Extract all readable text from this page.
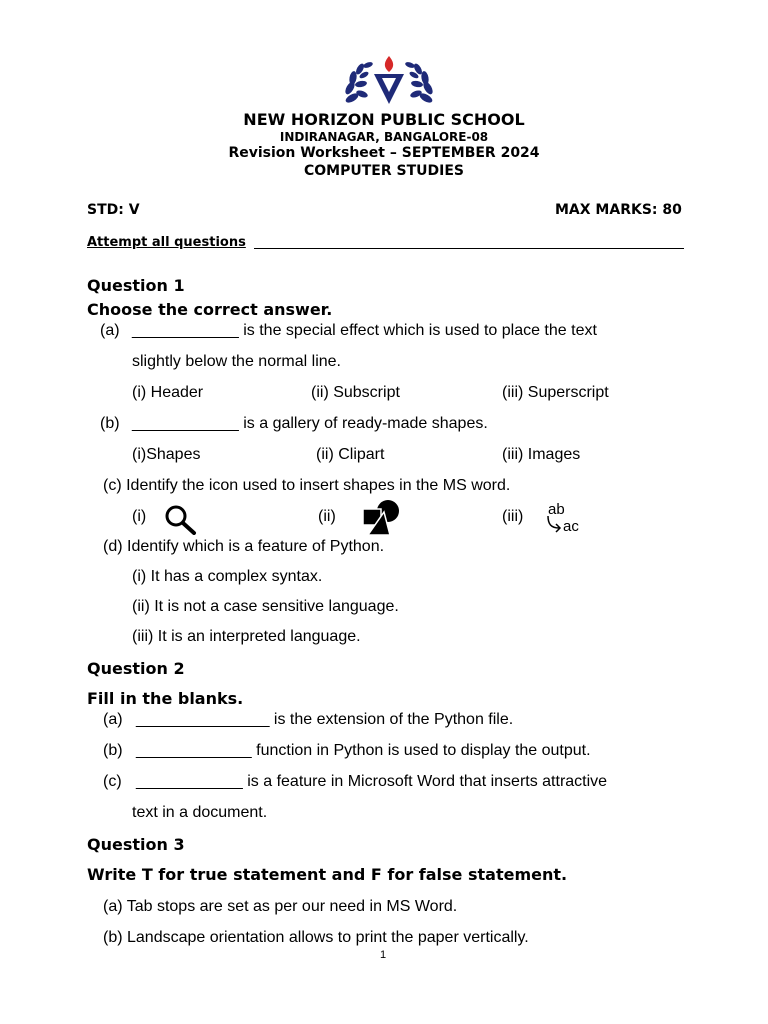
NEW HORIZON PUBLIC SCHOOL
INDIRANAGAR, BANGALORE-08
Revision Worksheet – SEPTEMBER 2024
COMPUTER STUDIES
STD: V	MAX MARKS: 80
Attempt all questions
Question 1
Choose the correct answer.
(a) ____________ is the special effect which is used to place the text
slightly below the normal line.
(i) Header	(ii) Subscript	(iii) Superscript
(b) ____________ is a gallery of ready-made shapes.
(i)Shapes	(ii) Clipart	(iii) Images
(c) Identify the icon used to insert shapes in the MS word.
(i)	(ii)	(iii) ab
ac
(d) Identify which is a feature of Python.
(i) It has a complex syntax.
(ii) It is not a case sensitive language.
(iii) It is an interpreted language.
Question 2
Fill in the blanks.
(a) _______________ is the extension of the Python file.
(b) _____________ function in Python is used to display the output.
(c) ____________ is a feature in Microsoft Word that inserts attractive
text in a document.
Question 3
Write T for true statement and F for false statement.
(a) Tab stops are set as per our need in MS Word.
(b) Landscape orientation allows to print the paper vertically.
1
